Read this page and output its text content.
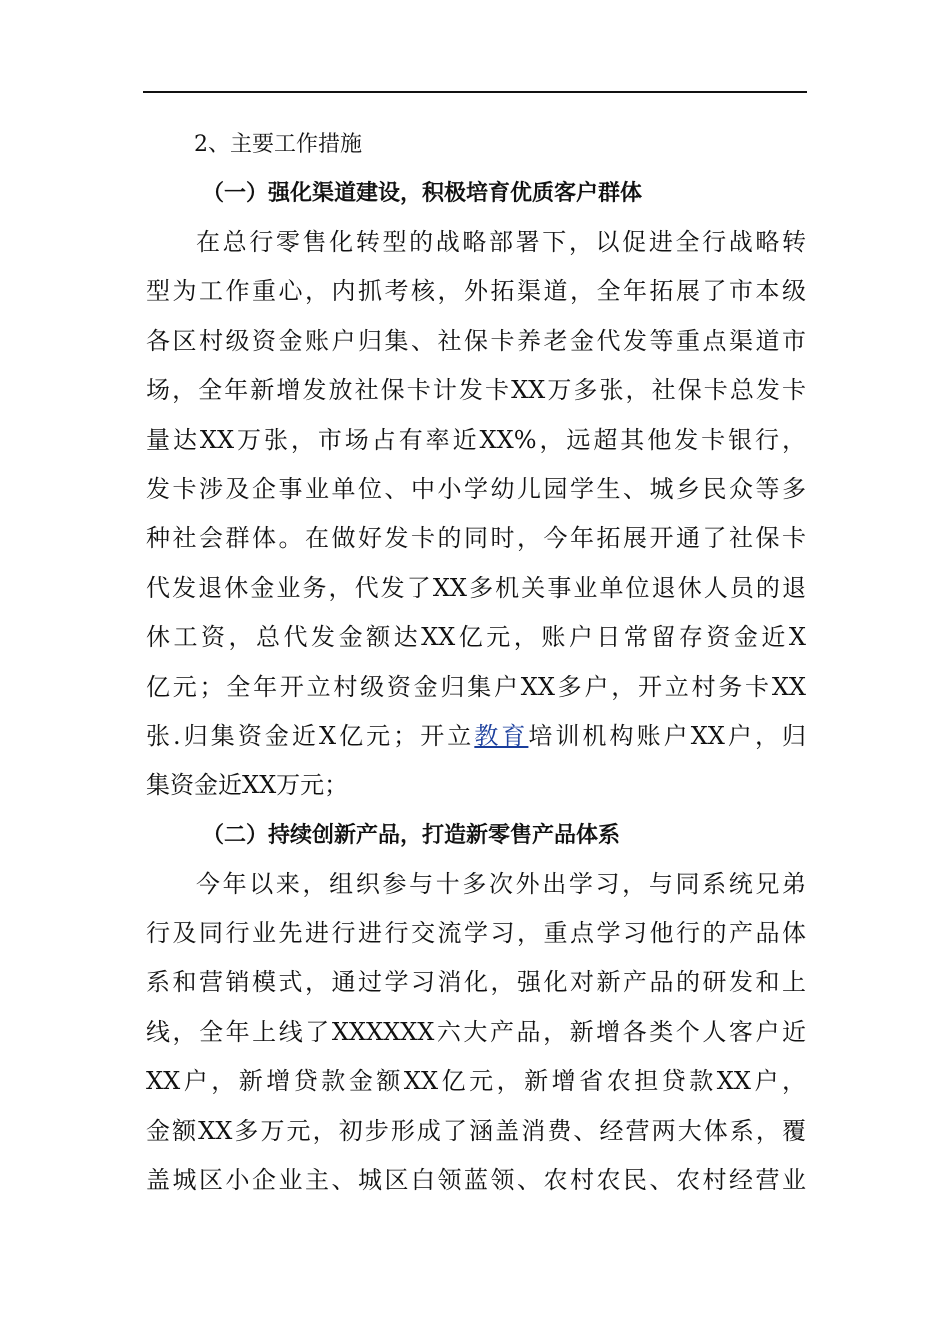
2、主要工作措施
（一）强化渠道建设，积极培育优质客户群体
在总行零售化转型的战略部署下，以促进全行战略转
型为工作重心，内抓考核，外拓渠道，全年拓展了市本级
各区村级资金账户归集、社保卡养老金代发等重点渠道市
场，全年新增发放社保卡计发卡XX万多张，社保卡总发卡
量达XX万张，市场占有率近XX%，远超其他发卡银行，
发卡涉及企事业单位、中小学幼儿园学生、城乡民众等多
种社会群体。在做好发卡的同时，今年拓展开通了社保卡
代发退休金业务，代发了XX多机关事业单位退休人员的退
休工资，总代发金额达XX亿元，账户日常留存资金近X
亿元；全年开立村级资金归集户XX多户，开立村务卡XX
张.归集资金近X亿元；开立教育培训机构账户XX户，归
集资金近XX万元；
（二）持续创新产品，打造新零售产品体系
今年以来，组织参与十多次外出学习，与同系统兄弟
行及同行业先进行进行交流学习，重点学习他行的产品体
系和营销模式，通过学习消化，强化对新产品的研发和上
线，全年上线了XXXXXX六大产品，新增各类个人客户近
XX户，新增贷款金额XX亿元，新增省农担贷款XX户，
金额XX多万元，初步形成了涵盖消费、经营两大体系，覆
盖城区小企业主、城区白领蓝领、农村农民、农村经营业
